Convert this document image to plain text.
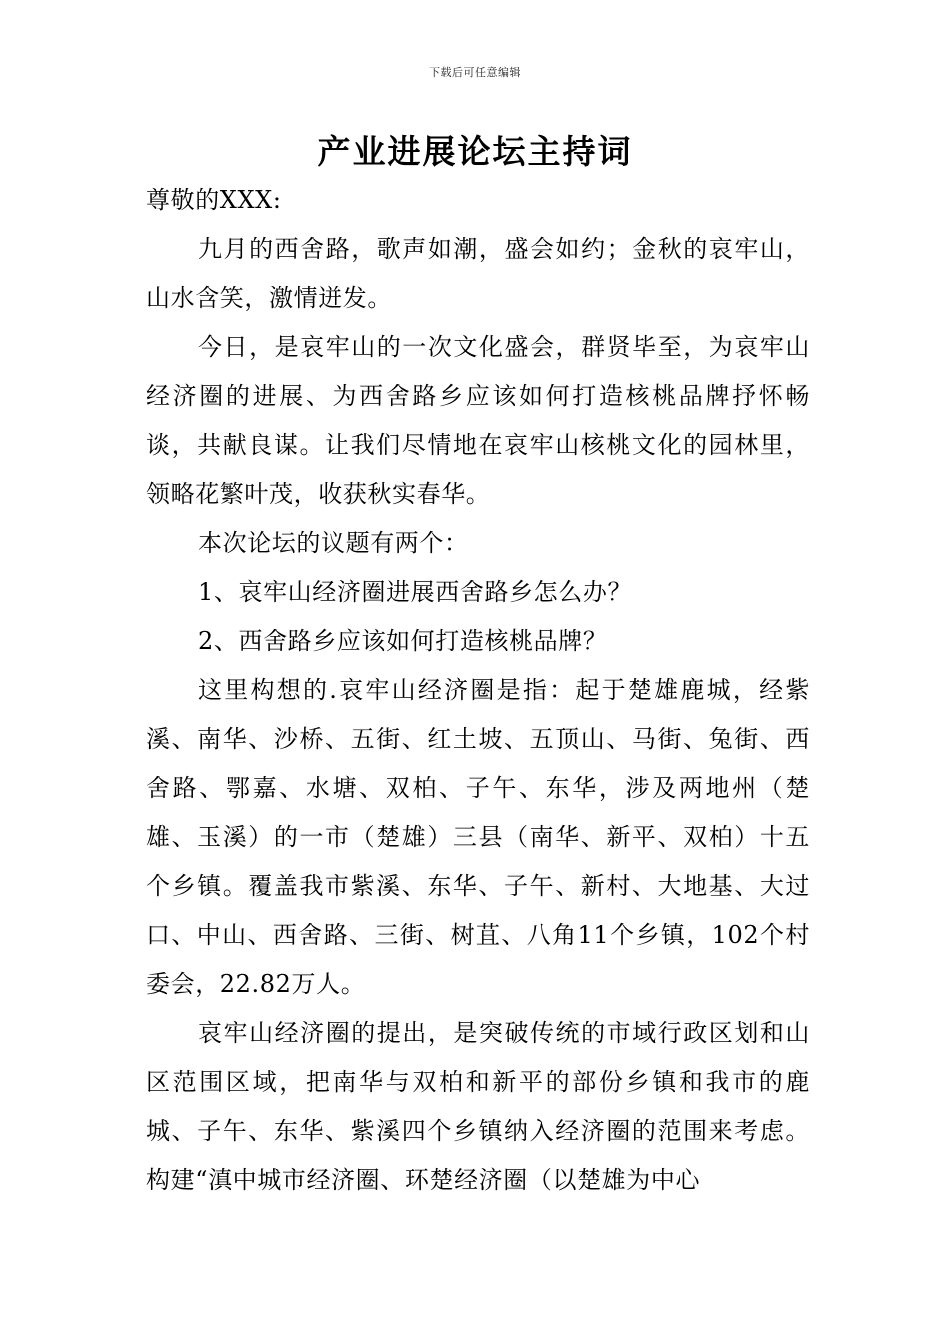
下载后可任意编辑
产业进展论坛主持词

尊敬的XXX:

九月的西舍路，歌声如潮，盛会如约；金秋的哀牢山，山水含笑，激情迸发。

今日，是哀牢山的一次文化盛会，群贤毕至，为哀牢山经济圈的进展、为西舍路乡应该如何打造核桃品牌抒怀畅谈，共献良谋。让我们尽情地在哀牢山核桃文化的园林里，领略花繁叶茂，收获秋实春华。

本次论坛的议题有两个：

1、哀牢山经济圈进展西舍路乡怎么办？

2、西舍路乡应该如何打造核桃品牌？

这里构想的.哀牢山经济圈是指：起于楚雄鹿城，经紫溪、南华、沙桥、五街、红土坡、五顶山、马街、兔街、西舍路、鄂嘉、水塘、双柏、子午、东华，涉及两地州（楚雄、玉溪）的一市（楚雄）三县（南华、新平、双柏）十五个乡镇。覆盖我市紫溪、东华、子午、新村、大地基、大过口、中山、西舍路、三街、树苴、八角11个乡镇，102个村委会，22.82万人。

哀牢山经济圈的提出，是突破传统的市域行政区划和山区范围区域，把南华与双柏和新平的部份乡镇和我市的鹿城、子午、东华、紫溪四个乡镇纳入经济圈的范围来考虑。构建“滇中城市经济圈、环楚经济圈（以楚雄为中心
